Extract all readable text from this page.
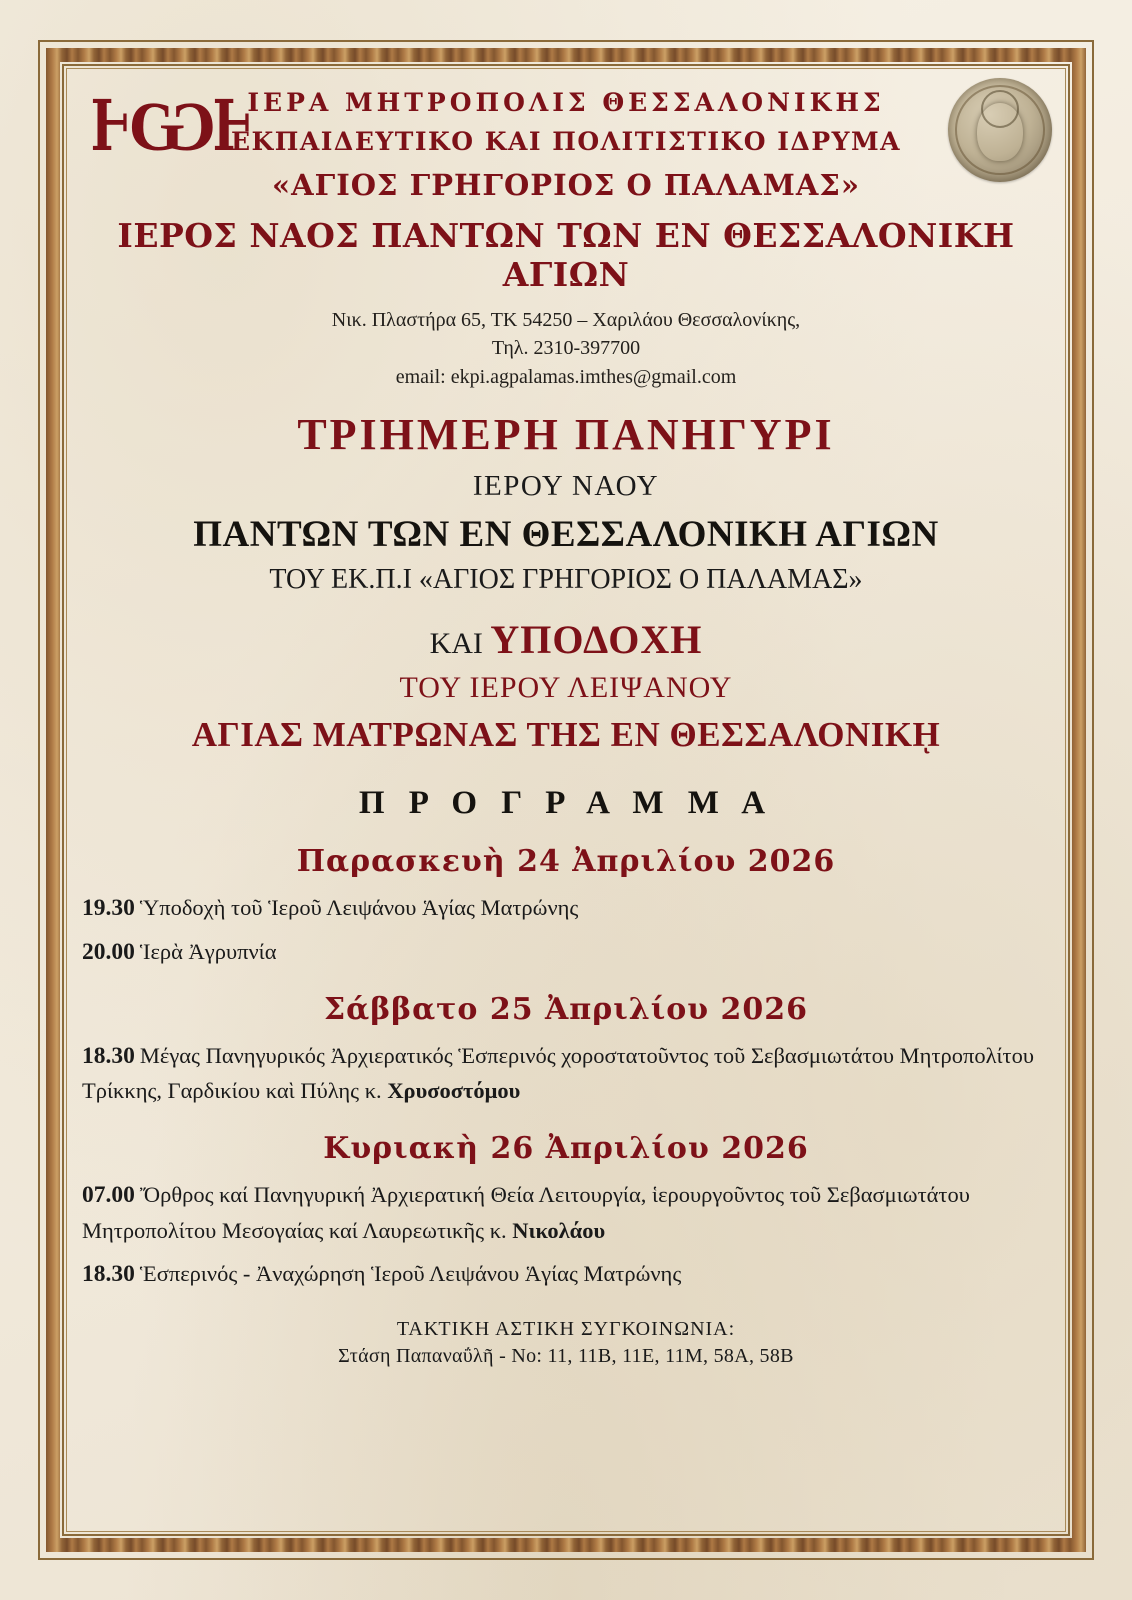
ͰѠͰ ΙΕΡΑ ΜΗΤΡΟΠΟΛΙΣ ΘΕΣΣΑΛΟΝΙΚΗΣ
ΕΚΠΑΙΔΕΥΤΙΚΟ ΚΑΙ ΠΟΛΙΤΙΣΤΙΚΟ ΙΔΡΥΜΑ
«ΑΓΙΟΣ ΓΡΗΓΟΡΙΟΣ Ο ΠΑΛΑΜΑΣ»
ΙΕΡΟΣ ΝΑΟΣ ΠΑΝΤΩΝ ΤΩΝ ΕΝ ΘΕΣΣΑΛΟΝΙΚΗ ΑΓΙΩΝ
Νικ. Πλαστήρα 65, ΤΚ 54250 – Χαριλάου Θεσσαλονίκης,
Τηλ. 2310-397700
email: ekpi.agpalamas.imthes@gmail.com
ΤΡΙΗΜΕΡΗ ΠΑΝΗΓΥΡΙ
ΙΕΡΟΥ ΝΑΟΥ
ΠΑΝΤΩΝ ΤΩΝ ΕΝ ΘΕΣΣΑΛΟΝΙΚΗ ΑΓΙΩΝ
ΤΟΥ ΕΚ.Π.Ι «ΑΓΙΟΣ ΓΡΗΓΟΡΙΟΣ Ο ΠΑΛΑΜΑΣ»
ΚΑΙ ΥΠΟΔΟΧΗ
ΤΟΥ ΙΕΡΟΥ ΛΕΙΨΑΝΟΥ
ΑΓΙΑΣ ΜΑΤΡΩΝΑΣ ΤΗΣ ΕΝ ΘΕΣΣΑΛΟΝΙΚῌ
Π Ρ Ο Γ Ρ Α Μ Μ Α
Παρασκευὴ 24 Ἀπριλίου 2026
19.30 Ὑποδοχὴ τοῦ Ἱεροῦ Λειψάνου Ἁγίας Ματρώνης
20.00 Ἱερὰ Ἀγρυπνία
Σάββατο 25 Ἀπριλίου 2026
18.30 Μέγας Πανηγυρικός Ἀρχιερατικός Ἑσπερινός χοροστατοῦντος τοῦ Σεβασμιωτάτου Μητροπολίτου Τρίκκης, Γαρδικίου καὶ Πύλης κ. Χρυσοστόμου
Κυριακὴ 26 Ἀπριλίου 2026
07.00 Ὄρθρος καί Πανηγυρική Ἀρχιερατική Θεία Λειτουργία, ἱερουργοῦντος τοῦ Σεβασμιωτάτου Μητροπολίτου Μεσογαίας καί Λαυρεωτικῆς κ. Νικολάου
18.30 Ἑσπερινός - Ἀναχώρηση Ἱεροῦ Λειψάνου Ἁγίας Ματρώνης
ΤΑΚΤΙΚΗ ΑΣΤΙΚΗ ΣΥΓΚΟΙΝΩΝΙΑ:
Στάση Παπαναΰλῆ - Νο: 11, 11Β, 11Ε, 11Μ, 58Α, 58Β
